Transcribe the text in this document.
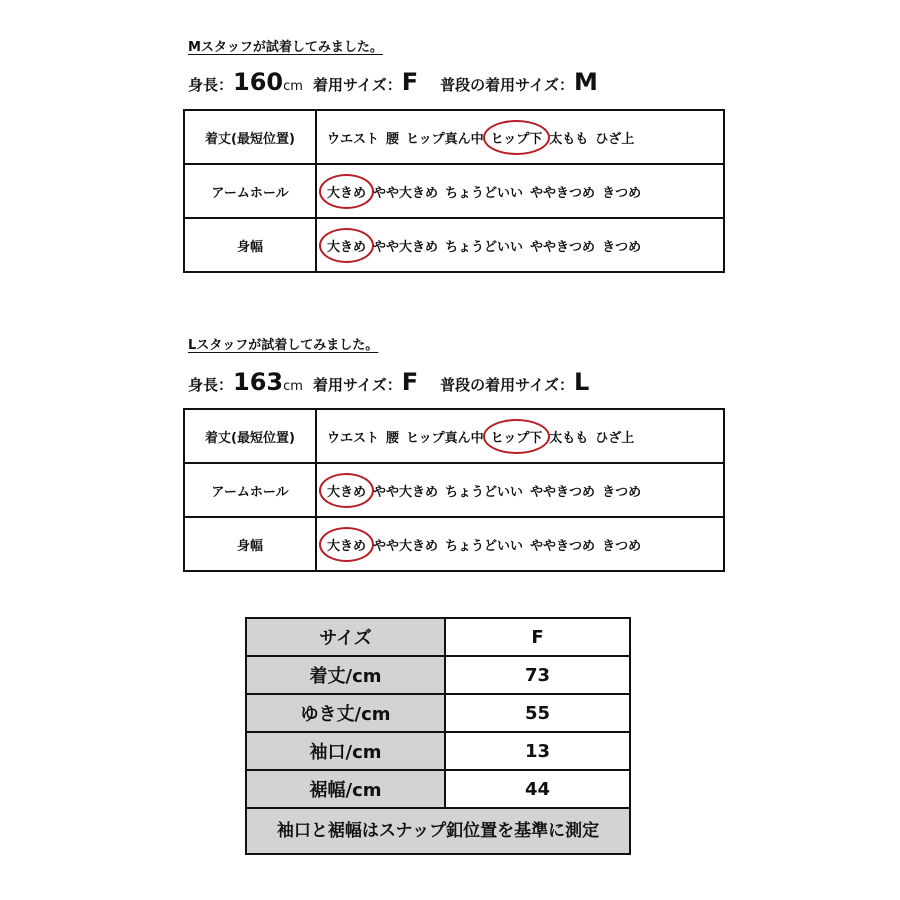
Mスタッフが試着してみました。
身長：160cm 着用サイズ：F 普段の着用サイズ：M
着丈(最短位置)	ウエスト 腰 ヒップ真ん中 ヒップ下 太もも ひざ上
アームホール	大きめ やや大きめ ちょうどいい ややきつめ きつめ
身幅	大きめ やや大きめ ちょうどいい ややきつめ きつめ
Lスタッフが試着してみました。
身長：163cm 着用サイズ：F 普段の着用サイズ：L
着丈(最短位置)	ウエスト 腰 ヒップ真ん中 ヒップ下 太もも ひざ上
アームホール	大きめ やや大きめ ちょうどいい ややきつめ きつめ
身幅	大きめ やや大きめ ちょうどいい ややきつめ きつめ
サイズ	F
着丈/cm	73
ゆき丈/cm	55
袖口/cm	13
裾幅/cm	44
袖口と裾幅はスナップ釦位置を基準に測定	
